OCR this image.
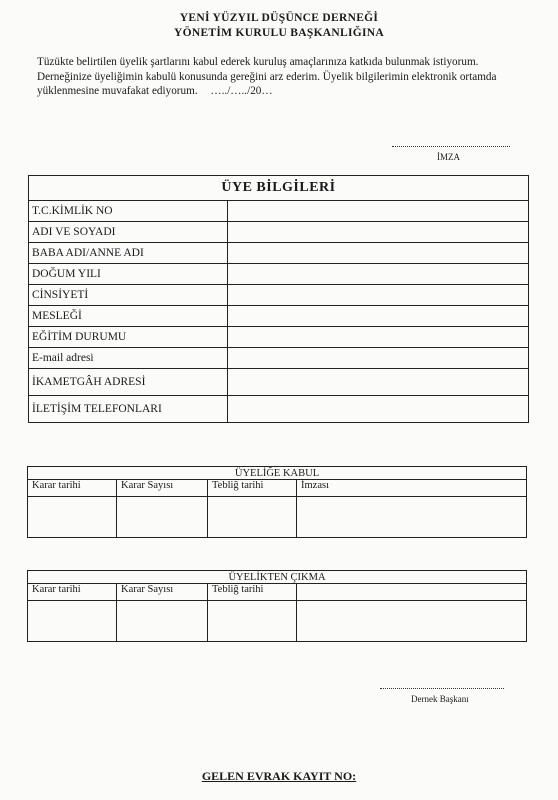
YENİ YÜZYIL DÜŞÜNCE DERNEĞİ
YÖNETİM KURULU BAŞKANLIĞINA
Tüzükte belirtilen üyelik şartlarını kabul ederek kuruluş amaçlarınıza katkıda bulunmak istiyorum. Derneğinize üyeliğimin kabulü konusunda gereğini arz ederim. Üyelik bilgilerimin elektronik ortamda yüklenmesine muvafakat ediyorum. …../…../20…
İMZA
ÜYE BİLGİLERİ	
T.C.KİMLİK NO	
ADI VE SOYADI	
BABA ADI/ANNE ADI	
DOĞUM YILI	
CİNSİYETİ	
MESLEĞİ	
EĞİTİM DURUMU	
E-mail adresi	
İKAMETGÂH ADRESİ	
İLETİŞİM TELEFONLARI	
ÜYELİĞE KABUL			
Karar tarihi	Karar Sayısı	Tebliğ tarihi	İmzası

ÜYELİKTEN ÇIKMA			
Karar tarihi	Karar Sayısı	Tebliğ tarihi	

Dernek Başkanı
GELEN EVRAK KAYIT NO:
